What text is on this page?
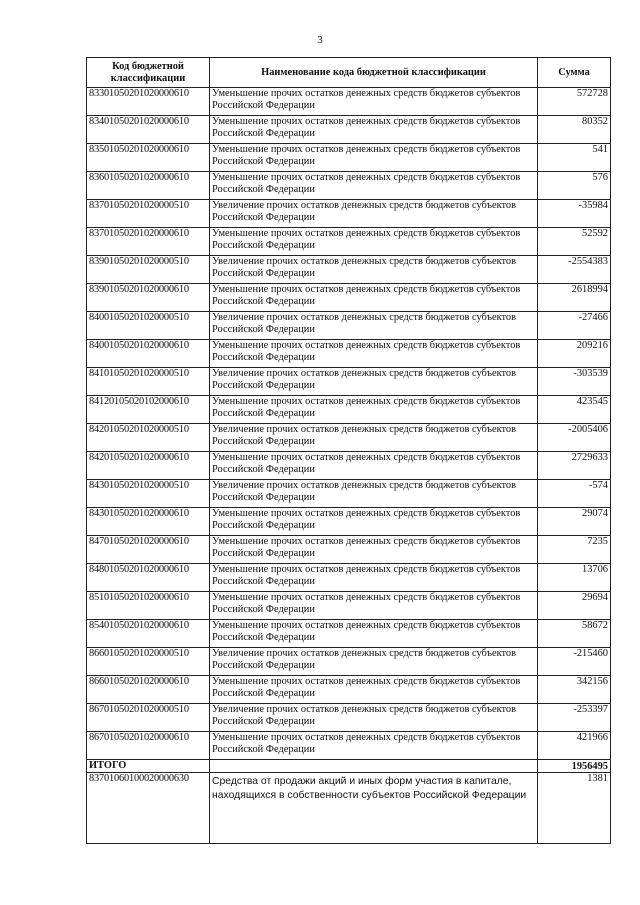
3
Код бюджетной классификации	Наименование кода бюджетной классификации	Сумма
83301050201020000610	Уменьшение прочих остатков денежных средств бюджетов субъектов Российской Федерации	572728
83401050201020000610	Уменьшение прочих остатков денежных средств бюджетов субъектов Российской Федерации	80352
83501050201020000610	Уменьшение прочих остатков денежных средств бюджетов субъектов Российской Федерации	541
83601050201020000610	Уменьшение прочих остатков денежных средств бюджетов субъектов Российской Федерации	576
83701050201020000510	Увеличение прочих остатков денежных средств бюджетов субъектов Российской Федерации	-35984
83701050201020000610	Уменьшение прочих остатков денежных средств бюджетов субъектов Российской Федерации	52592
83901050201020000510	Увеличение прочих остатков денежных средств бюджетов субъектов Российской Федерации	-2554383
83901050201020000610	Уменьшение прочих остатков денежных средств бюджетов субъектов Российской Федерации	2618994
84001050201020000510	Увеличение прочих остатков денежных средств бюджетов субъектов Российской Федерации	-27466
84001050201020000610	Уменьшение прочих остатков денежных средств бюджетов субъектов Российской Федерации	209216
84101050201020000510	Увеличение прочих остатков денежных средств бюджетов субъектов Российской Федерации	-303539
84120105020102000610	Уменьшение прочих остатков денежных средств бюджетов субъектов Российской Федерации	423545
84201050201020000510	Увеличение прочих остатков денежных средств бюджетов субъектов Российской Федерации	-2005406
84201050201020000610	Уменьшение прочих остатков денежных средств бюджетов субъектов Российской Федерации	2729633
84301050201020000510	Увеличение прочих остатков денежных средств бюджетов субъектов Российской Федерации	-574
84301050201020000610	Уменьшение прочих остатков денежных средств бюджетов субъектов Российской Федерации	29074
84701050201020000610	Уменьшение прочих остатков денежных средств бюджетов субъектов Российской Федерации	7235
84801050201020000610	Уменьшение прочих остатков денежных средств бюджетов субъектов Российской Федерации	13706
85101050201020000610	Уменьшение прочих остатков денежных средств бюджетов субъектов Российской Федерации	29694
85401050201020000610	Уменьшение прочих остатков денежных средств бюджетов субъектов Российской Федерации	58672
86601050201020000510	Увеличение прочих остатков денежных средств бюджетов субъектов Российской Федерации	-215460
86601050201020000610	Уменьшение прочих остатков денежных средств бюджетов субъектов Российской Федерации	342156
86701050201020000510	Увеличение прочих остатков денежных средств бюджетов субъектов Российской Федерации	-253397
86701050201020000610	Уменьшение прочих остатков денежных средств бюджетов субъектов Российской Федерации	421966
ИТОГО		1956495
83701060100020000630	Средства от продажи акций и иных форм участия в капитале, находящихся в собственности субъектов Российской Федерации	1381
